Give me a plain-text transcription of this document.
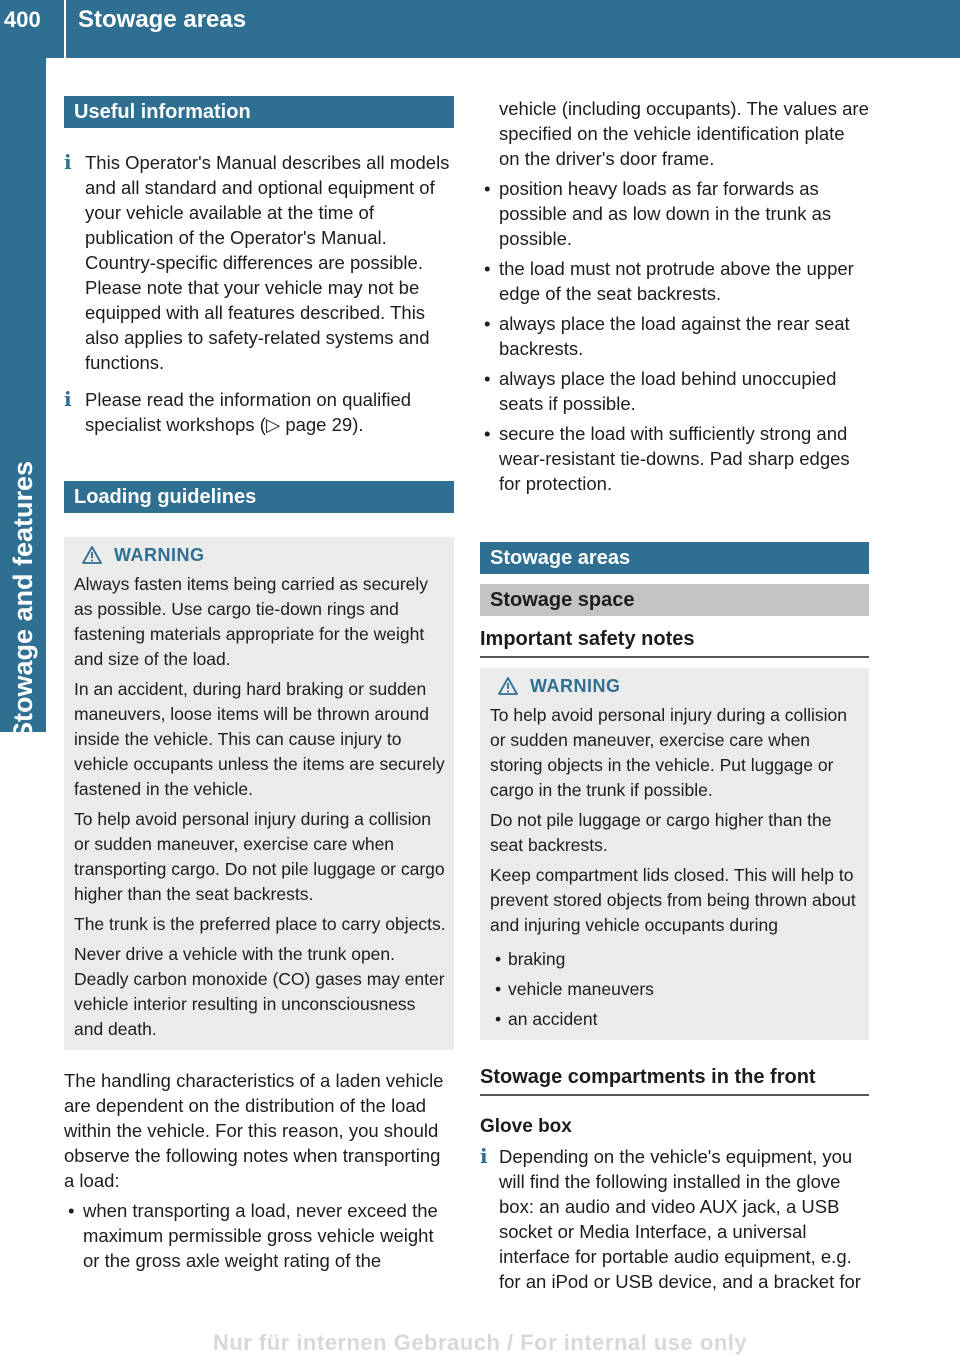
400	Stowage areas
Stowage and features
Useful information
i This Operator's Manual describes all models and all standard and optional equipment of your vehicle available at the time of publication of the Operator's Manual. Country-specific differences are possible. Please note that your vehicle may not be equipped with all features described. This also applies to safety-related systems and functions.
i Please read the information on qualified specialist workshops (▷ page 29).
Loading guidelines
WARNING
Always fasten items being carried as securely as possible. Use cargo tie-down rings and fastening materials appropriate for the weight and size of the load.
In an accident, during hard braking or sudden maneuvers, loose items will be thrown around inside the vehicle. This can cause injury to vehicle occupants unless the items are securely fastened in the vehicle.
To help avoid personal injury during a collision or sudden maneuver, exercise care when transporting cargo. Do not pile luggage or cargo higher than the seat backrests.
The trunk is the preferred place to carry objects.
Never drive a vehicle with the trunk open. Deadly carbon monoxide (CO) gases may enter vehicle interior resulting in unconsciousness and death.
The handling characteristics of a laden vehicle are dependent on the distribution of the load within the vehicle. For this reason, you should observe the following notes when transporting a load:
• when transporting a load, never exceed the maximum permissible gross vehicle weight or the gross axle weight rating of the
vehicle (including occupants). The values are specified on the vehicle identification plate on the driver's door frame.
• position heavy loads as far forwards as possible and as low down in the trunk as possible.
• the load must not protrude above the upper edge of the seat backrests.
• always place the load against the rear seat backrests.
• always place the load behind unoccupied seats if possible.
• secure the load with sufficiently strong and wear-resistant tie-downs. Pad sharp edges for protection.
Stowage areas
Stowage space
Important safety notes
WARNING
To help avoid personal injury during a collision or sudden maneuver, exercise care when storing objects in the vehicle. Put luggage or cargo in the trunk if possible.
Do not pile luggage or cargo higher than the seat backrests.
Keep compartment lids closed. This will help to prevent stored objects from being thrown about and injuring vehicle occupants during
• braking
• vehicle maneuvers
• an accident
Stowage compartments in the front
Glove box
i Depending on the vehicle's equipment, you will find the following installed in the glove box: an audio and video AUX jack, a USB socket or Media Interface, a universal interface for portable audio equipment, e.g. for an iPod or USB device, and a bracket for
Nur für internen Gebrauch / For internal use only
